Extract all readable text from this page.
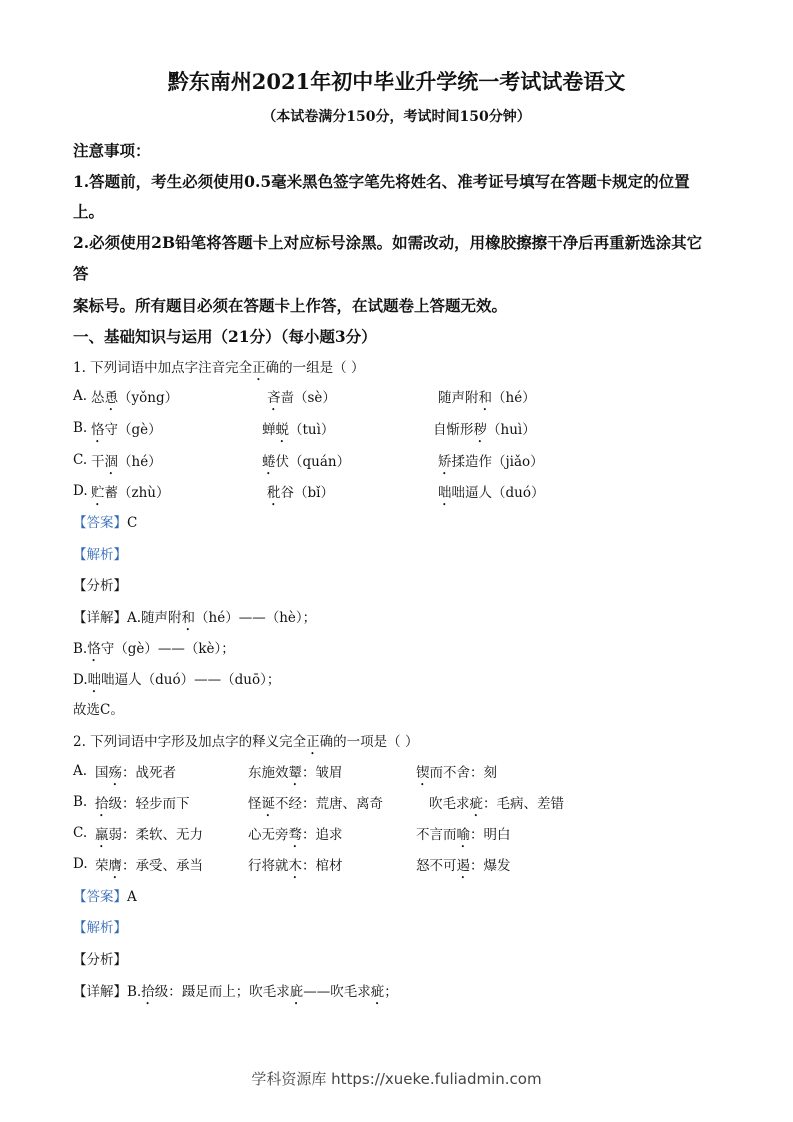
黔东南州2021年初中毕业升学统一考试试卷语文
（本试卷满分150分，考试时间150分钟）
注意事项：
1.答题前，考生必须使用0.5毫米黑色签字笔先将姓名、准考证号填写在答题卡规定的位置
上。
2.必须使用2B铅笔将答题卡上对应标号涂黑。如需改动，用橡胶擦擦干净后再重新选涂其它
答
案标号。所有题目必须在答题卡上作答，在试题卷上答题无效。
一、基础知识与运用（21分）（每小题3分）
1. 下列词语中加点字注音完全正确的一组是（ ）
A. 怂恿（yǒng）	吝啬（sè）	随声附和（hé）
B. 恪守（gè）	蝉蜕（tuì）	自惭形秽（huì）
C. 干涸（hé）	蜷伏（quán）	矫揉造作（jiǎo）
D. 贮蓄（zhù）	秕谷（bǐ）	咄咄逼人（duó）
【答案】C
【解析】
【分析】
【详解】A.随声附和（hé）——（hè）；
B.恪守（gè）——（kè）；
D.咄咄逼人（duó）——（duō）；
故选C。
2. 下列词语中字形及加点字的释义完全正确的一项是（ ）
A. 国殇：战死者	东施效颦：皱眉	锲而不舍：刻
B. 拾级：轻步而下	怪诞不经：荒唐、离奇	吹毛求疵：毛病、差错
C. 羸弱：柔软、无力	心无旁骛：追求	不言而喻：明白
D. 荣膺：承受、承当	行将就木：棺材	怒不可遏：爆发
【答案】A
【解析】
【分析】
【详解】B.拾级：蹑足而上；吹毛求庛——吹毛求疵；
学科资源库 https://xueke.fuliadmin.com
